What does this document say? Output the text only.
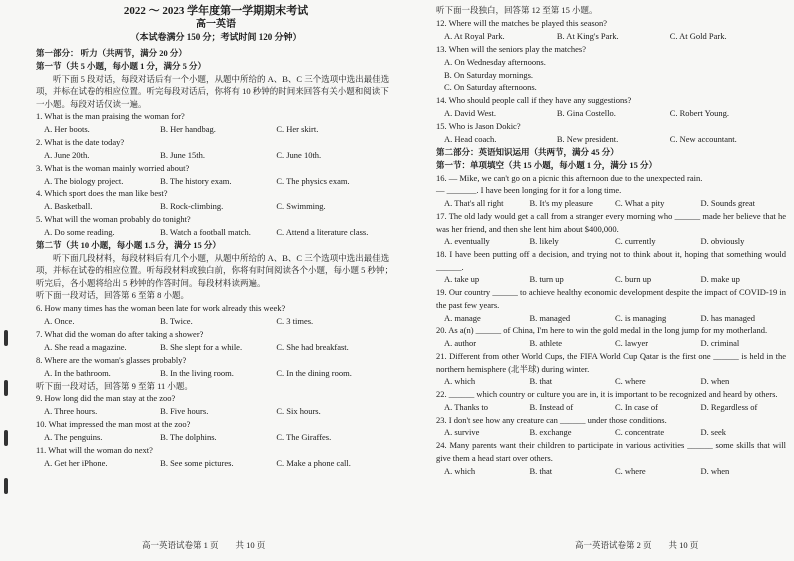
2022 ～ 2023 学年度第一学期期末考试
高一英语
（本试卷满分 150 分；考试时间 120 分钟）
第一部分： 听力（共两节，满分 20 分）
第一节（共 5 小题，每小题 1 分，满分 5 分）
听下面 5 段对话，每段对话后有一个小题，从题中所给的 A、B、C 三个选项中选出最佳选项，并标在试卷的相应位置。听完每段对话后，你将有 10 秒钟的时间来回答有关小题和阅读下一小题。每段对话仅读一遍。
1. What is the man praising the woman for?
A. Her boots.	B. Her handbag.	C. Her skirt.
2. What is the date today?
A. June 20th.	B. June 15th.	C. June 10th.
3. What is the woman mainly worried about?
A. The biology project.	B. The history exam.	C. The physics exam.
4. Which sport does the man like best?
A. Basketball.	B. Rock-climbing.	C. Swimming.
5. What will the woman probably do tonight?
A. Do some reading.	B. Watch a football match.	C. Attend a literature class.
第二节（共 10 小题，每小题 1.5 分，满分 15 分）
听下面几段材料，每段材料后有几个小题，从题中所给的 A、B、C 三个选项中选出最佳选项，并标在试卷的相应位置。听每段材料或独白前，你将有时间阅读各个小题，每小题 5 秒钟；听完后，各小题将给出 5 秒钟的作答时间。每段材料读两遍。
听下面一段对话，回答第 6 至第 8 小题。
6. How many times has the woman been late for work already this week?
A. Once.	B. Twice.	C. 3 times.
7. What did the woman do after taking a shower?
A. She read a magazine.	B. She slept for a while.	C. She had breakfast.
8. Where are the woman's glasses probably?
A. In the bathroom.	B. In the living room.	C. In the dining room.
听下面一段对话，回答第 9 至第 11 小题。
9. How long did the man stay at the zoo?
A. Three hours.	B. Five hours.	C. Six hours.
10. What impressed the man most at the zoo?
A. The penguins.	B. The dolphins.	C. The Giraffes.
11. What will the woman do next?
A. Get her iPhone.	B. See some pictures.	C. Make a phone call.
听下面一段独白，回答第 12 至第 15 小题。
12. Where will the matches be played this season?
A. At Royal Park.	B. At King's Park.	C. At Gold Park.
13. When will the seniors play the matches?
A. On Wednesday afternoons.
B. On Saturday mornings.
C. On Saturday afternoons.
14. Who should people call if they have any suggestions?
A. David West.	B. Gina Costello.	C. Robert Young.
15. Who is Jason Dokic?
A. Head coach.	B. New president.	C. New accountant.
第二部分：英语知识运用（共两节，满分 45 分）
第一节：单项填空（共 15 小题，每小题 1 分，满分 15 分）
16. — Mike, we can't go on a picnic this afternoon due to the unexpected rain.
— _______. I have been longing for it for a long time.
A. That's all right	B. It's my pleasure	C. What a pity	D. Sounds great
17. The old lady would get a call from a stranger every morning who ______ made her believe that he was her friend, and then she lent him about $400,000.
A. eventually	B. likely	C. currently	D. obviously
18. I have been putting off a decision, and trying not to think about it, hoping that something would ______.
A. take up	B. turn up	C. burn up	D. make up
19. Our country ______ to achieve healthy economic development despite the impact of COVID-19 in the past few years.
A. manage	B. managed	C. is managing	D. has managed
20. As a(n) ______ of China, I'm here to win the gold medal in the long jump for my motherland.
A. author	B. athlete	C. lawyer	D. criminal
21. Different from other World Cups, the FIFA World Cup Qatar is the first one ______ is held in the northern hemisphere (北半球) during winter.
A. which	B. that	C. where	D. when
22. ______ which country or culture you are in, it is important to be recognized and heard by others.
A. Thanks to	B. Instead of	C. In case of	D. Regardless of
23. I don't see how any creature can ______ under those conditions.
A. survive	B. exchange	C. concentrate	D. seek
24. Many parents want their children to participate in various activities ______ some skills that will give them a head start over others.
A. which	B. that	C. where	D. when
高一英语试卷第 1 页　　共 10 页	高一英语试卷第 2 页　　共 10 页
